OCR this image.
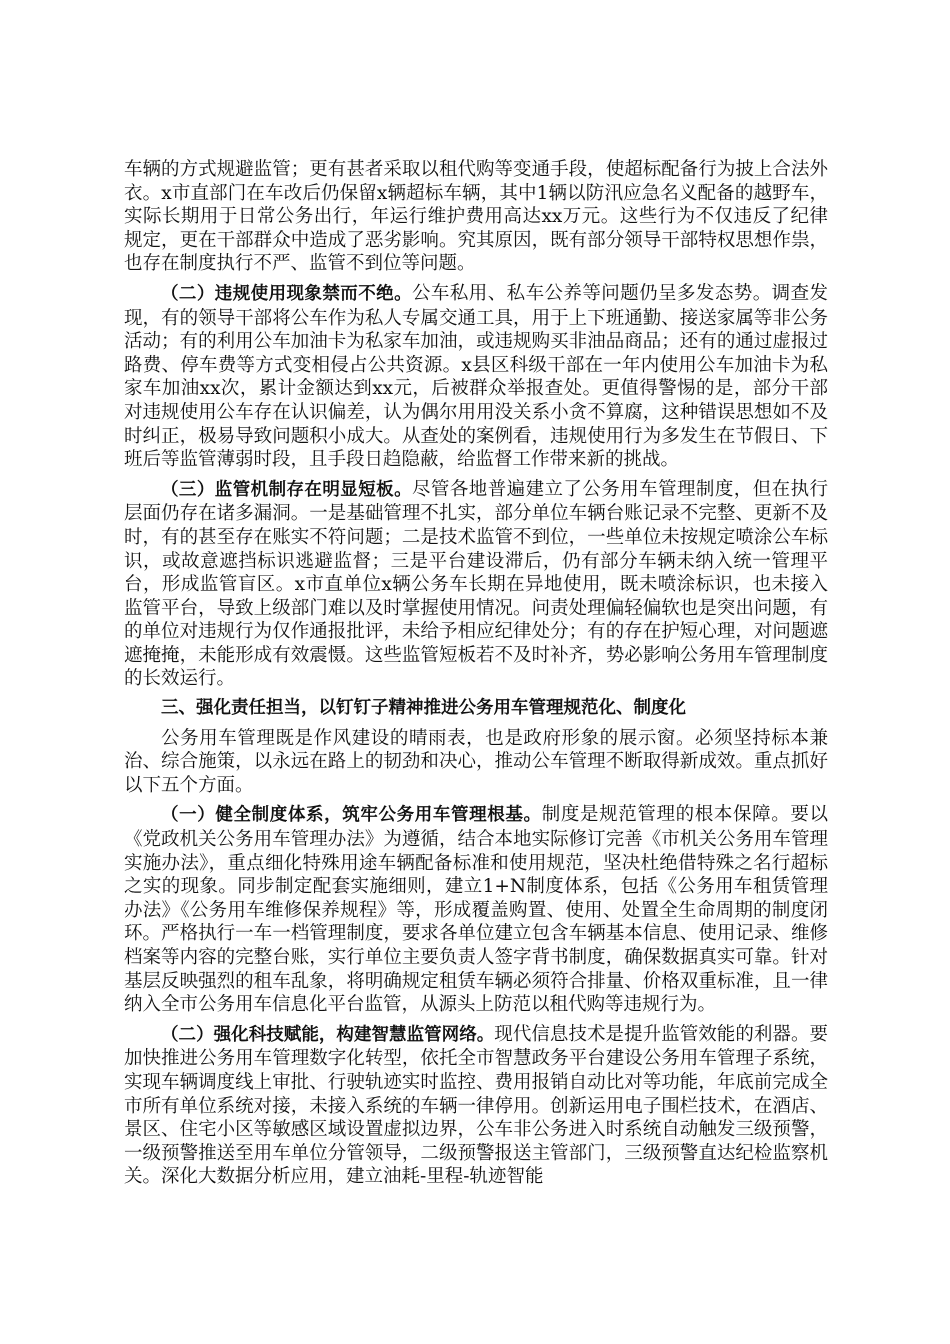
车辆的方式规避监管；更有甚者采取以租代购等变通手段，使超标配备行为披上合法外衣。x市直部门在车改后仍保留x辆超标车辆，其中1辆以防汛应急名义配备的越野车，实际长期用于日常公务出行，年运行维护费用高达xx万元。这些行为不仅违反了纪律规定，更在干部群众中造成了恶劣影响。究其原因，既有部分领导干部特权思想作祟，也存在制度执行不严、监管不到位等问题。

（二）违规使用现象禁而不绝。公车私用、私车公养等问题仍呈多发态势。调查发现，有的领导干部将公车作为私人专属交通工具，用于上下班通勤、接送家属等非公务活动；有的利用公车加油卡为私家车加油，或违规购买非油品商品；还有的通过虚报过路费、停车费等方式变相侵占公共资源。x县区科级干部在一年内使用公车加油卡为私家车加油xx次，累计金额达到xx元，后被群众举报查处。更值得警惕的是，部分干部对违规使用公车存在认识偏差，认为偶尔用用没关系小贪不算腐，这种错误思想如不及时纠正，极易导致问题积小成大。从查处的案例看，违规使用行为多发生在节假日、下班后等监管薄弱时段，且手段日趋隐蔽，给监督工作带来新的挑战。

（三）监管机制存在明显短板。尽管各地普遍建立了公务用车管理制度，但在执行层面仍存在诸多漏洞。一是基础管理不扎实，部分单位车辆台账记录不完整、更新不及时，有的甚至存在账实不符问题；二是技术监管不到位，一些单位未按规定喷涂公车标识，或故意遮挡标识逃避监督；三是平台建设滞后，仍有部分车辆未纳入统一管理平台，形成监管盲区。x市直单位x辆公务车长期在异地使用，既未喷涂标识，也未接入监管平台，导致上级部门难以及时掌握使用情况。问责处理偏轻偏软也是突出问题，有的单位对违规行为仅作通报批评，未给予相应纪律处分；有的存在护短心理，对问题遮遮掩掩，未能形成有效震慑。这些监管短板若不及时补齐，势必影响公务用车管理制度的长效运行。

三、强化责任担当，以钉钉子精神推进公务用车管理规范化、制度化

公务用车管理既是作风建设的晴雨表，也是政府形象的展示窗。必须坚持标本兼治、综合施策，以永远在路上的韧劲和决心，推动公车管理不断取得新成效。重点抓好以下五个方面。

（一）健全制度体系，筑牢公务用车管理根基。制度是规范管理的根本保障。要以《党政机关公务用车管理办法》为遵循，结合本地实际修订完善《市机关公务用车管理实施办法》，重点细化特殊用途车辆配备标准和使用规范，坚决杜绝借特殊之名行超标之实的现象。同步制定配套实施细则，建立1+N制度体系，包括《公务用车租赁管理办法》《公务用车维修保养规程》等，形成覆盖购置、使用、处置全生命周期的制度闭环。严格执行一车一档管理制度，要求各单位建立包含车辆基本信息、使用记录、维修档案等内容的完整台账，实行单位主要负责人签字背书制度，确保数据真实可靠。针对基层反映强烈的租车乱象，将明确规定租赁车辆必须符合排量、价格双重标准，且一律纳入全市公务用车信息化平台监管，从源头上防范以租代购等违规行为。

（二）强化科技赋能，构建智慧监管网络。现代信息技术是提升监管效能的利器。要加快推进公务用车管理数字化转型，依托全市智慧政务平台建设公务用车管理子系统，实现车辆调度线上审批、行驶轨迹实时监控、费用报销自动比对等功能，年底前完成全市所有单位系统对接，未接入系统的车辆一律停用。创新运用电子围栏技术，在酒店、景区、住宅小区等敏感区域设置虚拟边界，公车非公务进入时系统自动触发三级预警，一级预警推送至用车单位分管领导，二级预警报送主管部门，三级预警直达纪检监察机关。深化大数据分析应用，建立油耗-里程-轨迹智能
